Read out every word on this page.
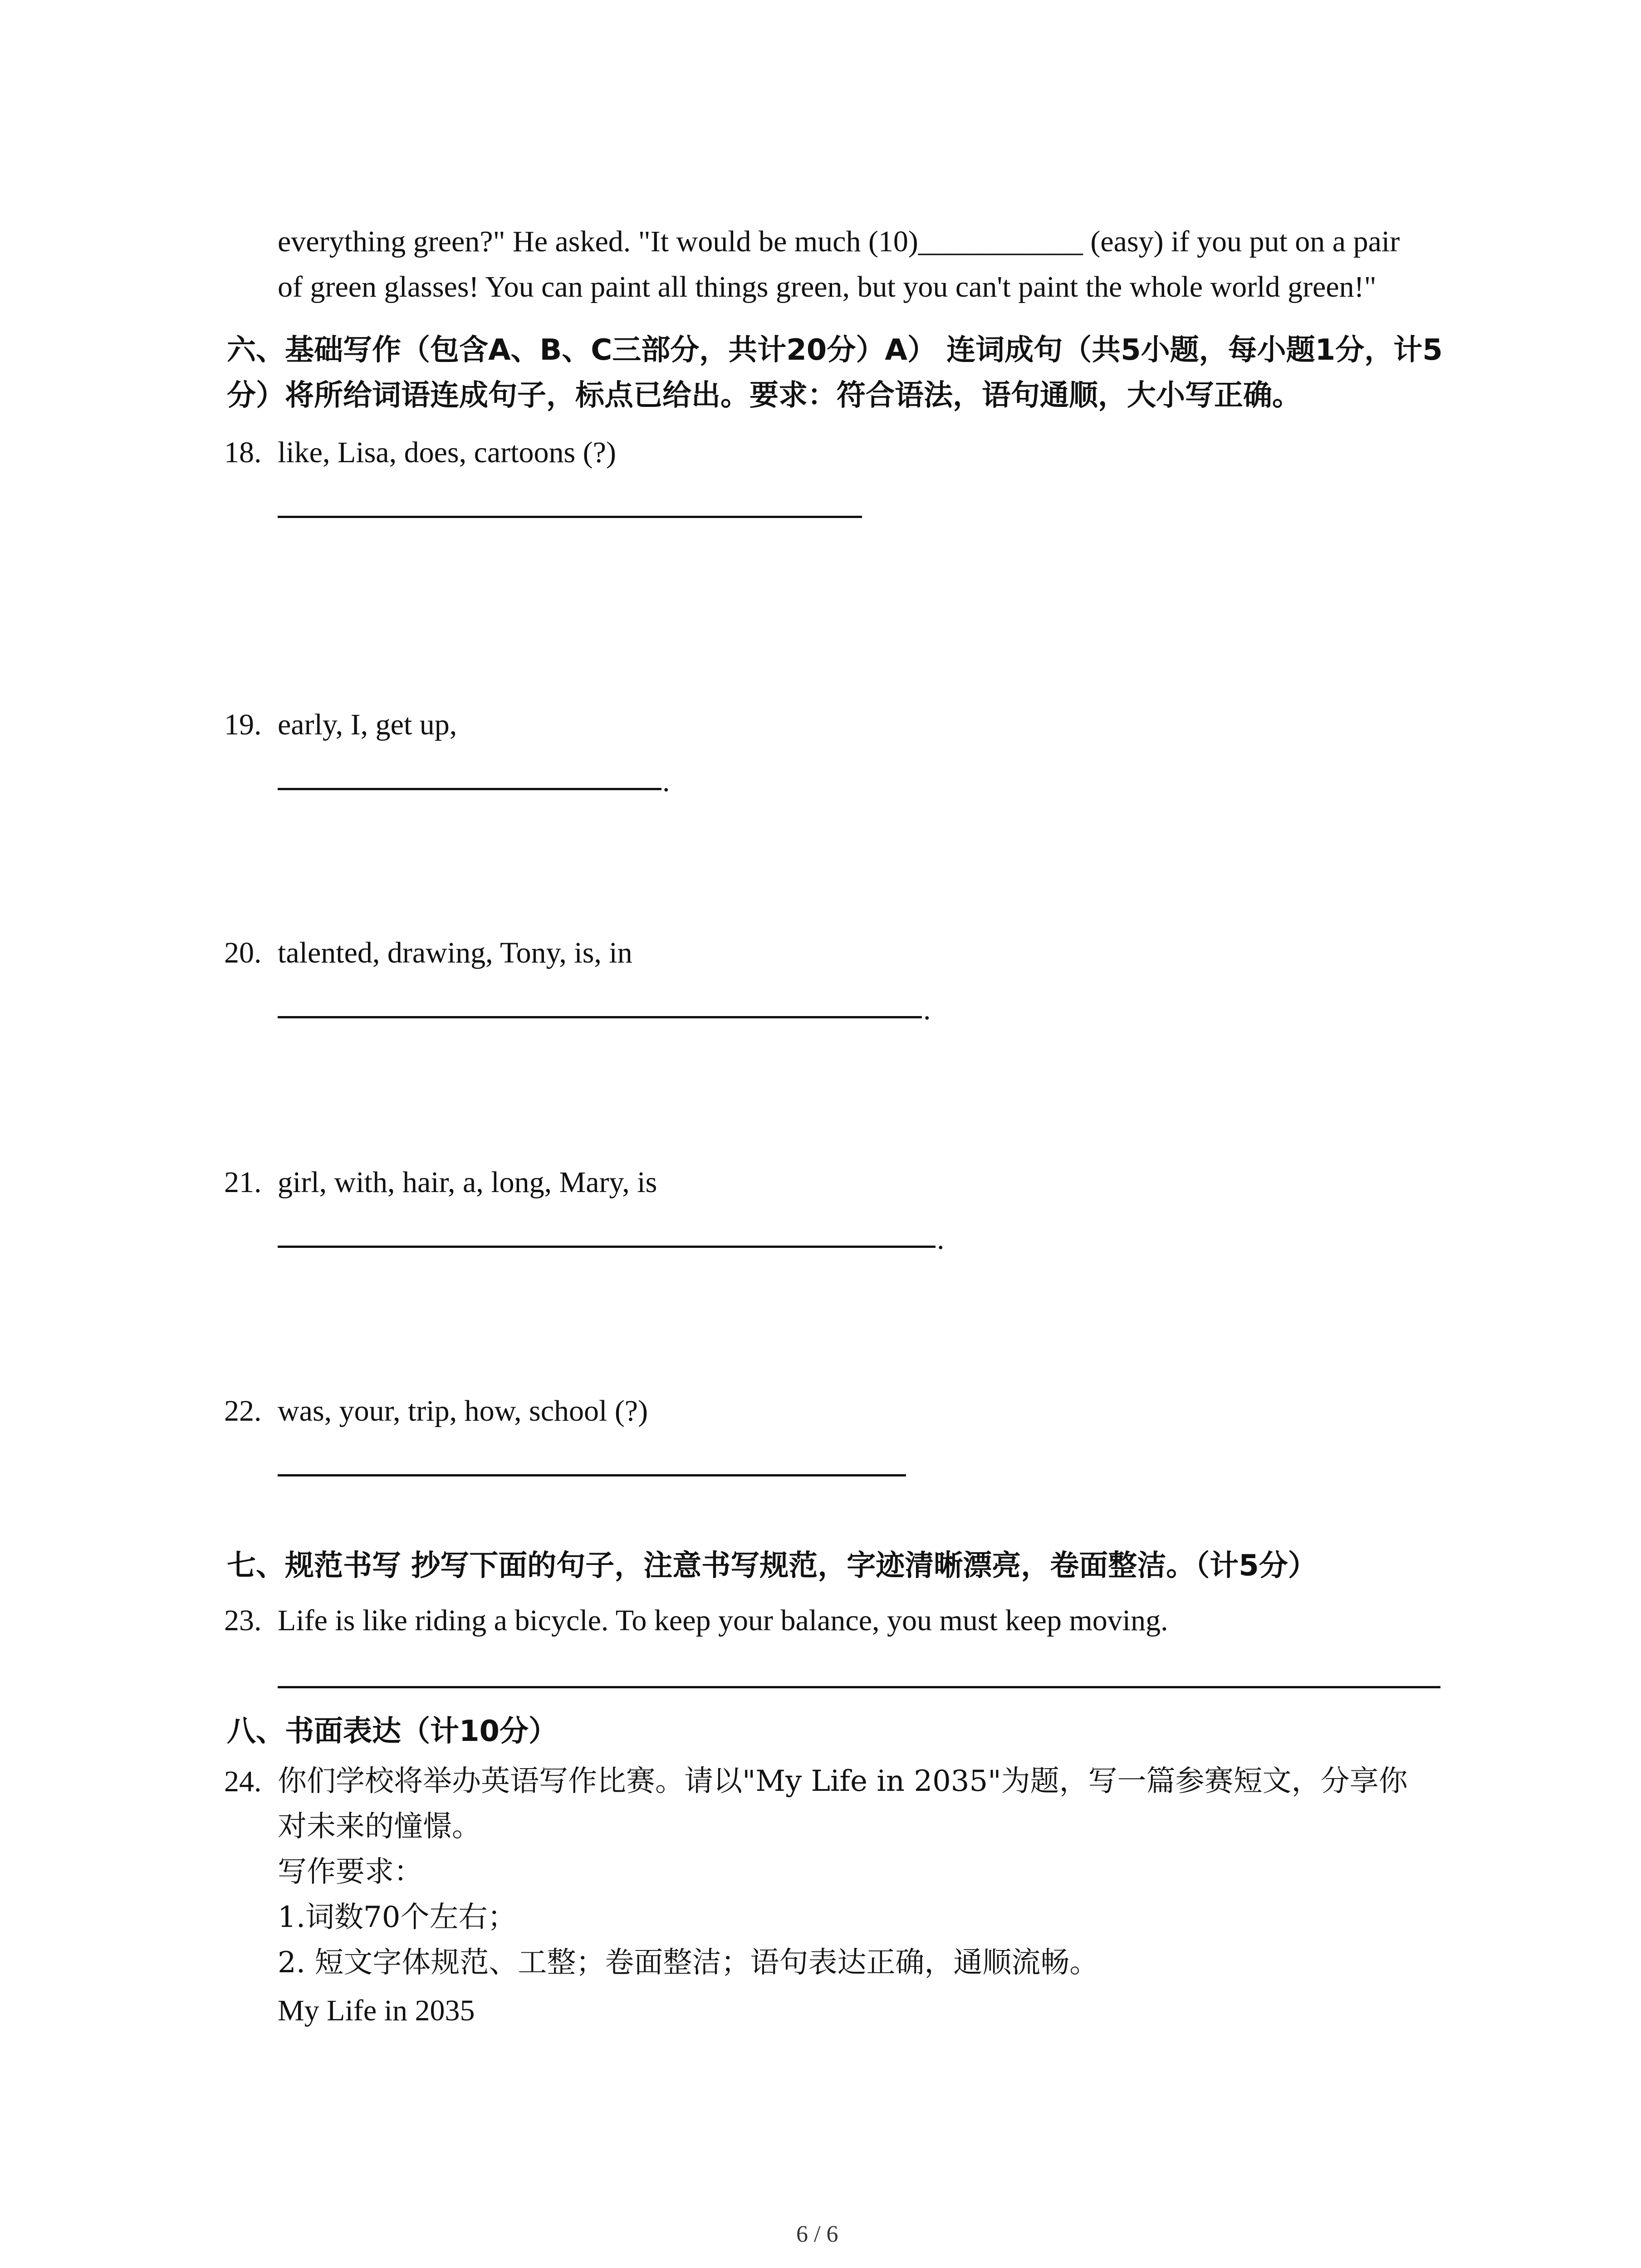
everything green?" He asked. "It would be much (10)___________ (easy) if you put on a pair
of green glasses! You can paint all things green, but you can't paint the whole world green!"
六、基础写作（包含A、B、C三部分，共计20分）A） 连词成句（共5小题，每小题1分，计5
分）将所给词语连成句子，标点已给出。要求：符合语法，语句通顺，大小写正确。
18. like, Lisa, does, cartoons (?)
19. early, I, get up,
.
20. talented, drawing, Tony, is, in
.
21. girl, with, hair, a, long, Mary, is
.
22. was, your, trip, how, school (?)
七、规范书写 抄写下面的句子，注意书写规范，字迹清晰漂亮，卷面整洁。（计5分）
23. Life is like riding a bicycle. To keep your balance, you must keep moving.
八、书面表达（计10分）
24. 你们学校将举办英语写作比赛。请以"My Life in 2035"为题，写一篇参赛短文，分享你
对未来的憧憬。
写作要求：
1.词数70个左右；
2. 短文字体规范、工整；卷面整洁；语句表达正确，通顺流畅。
My Life in 2035
6 / 6
